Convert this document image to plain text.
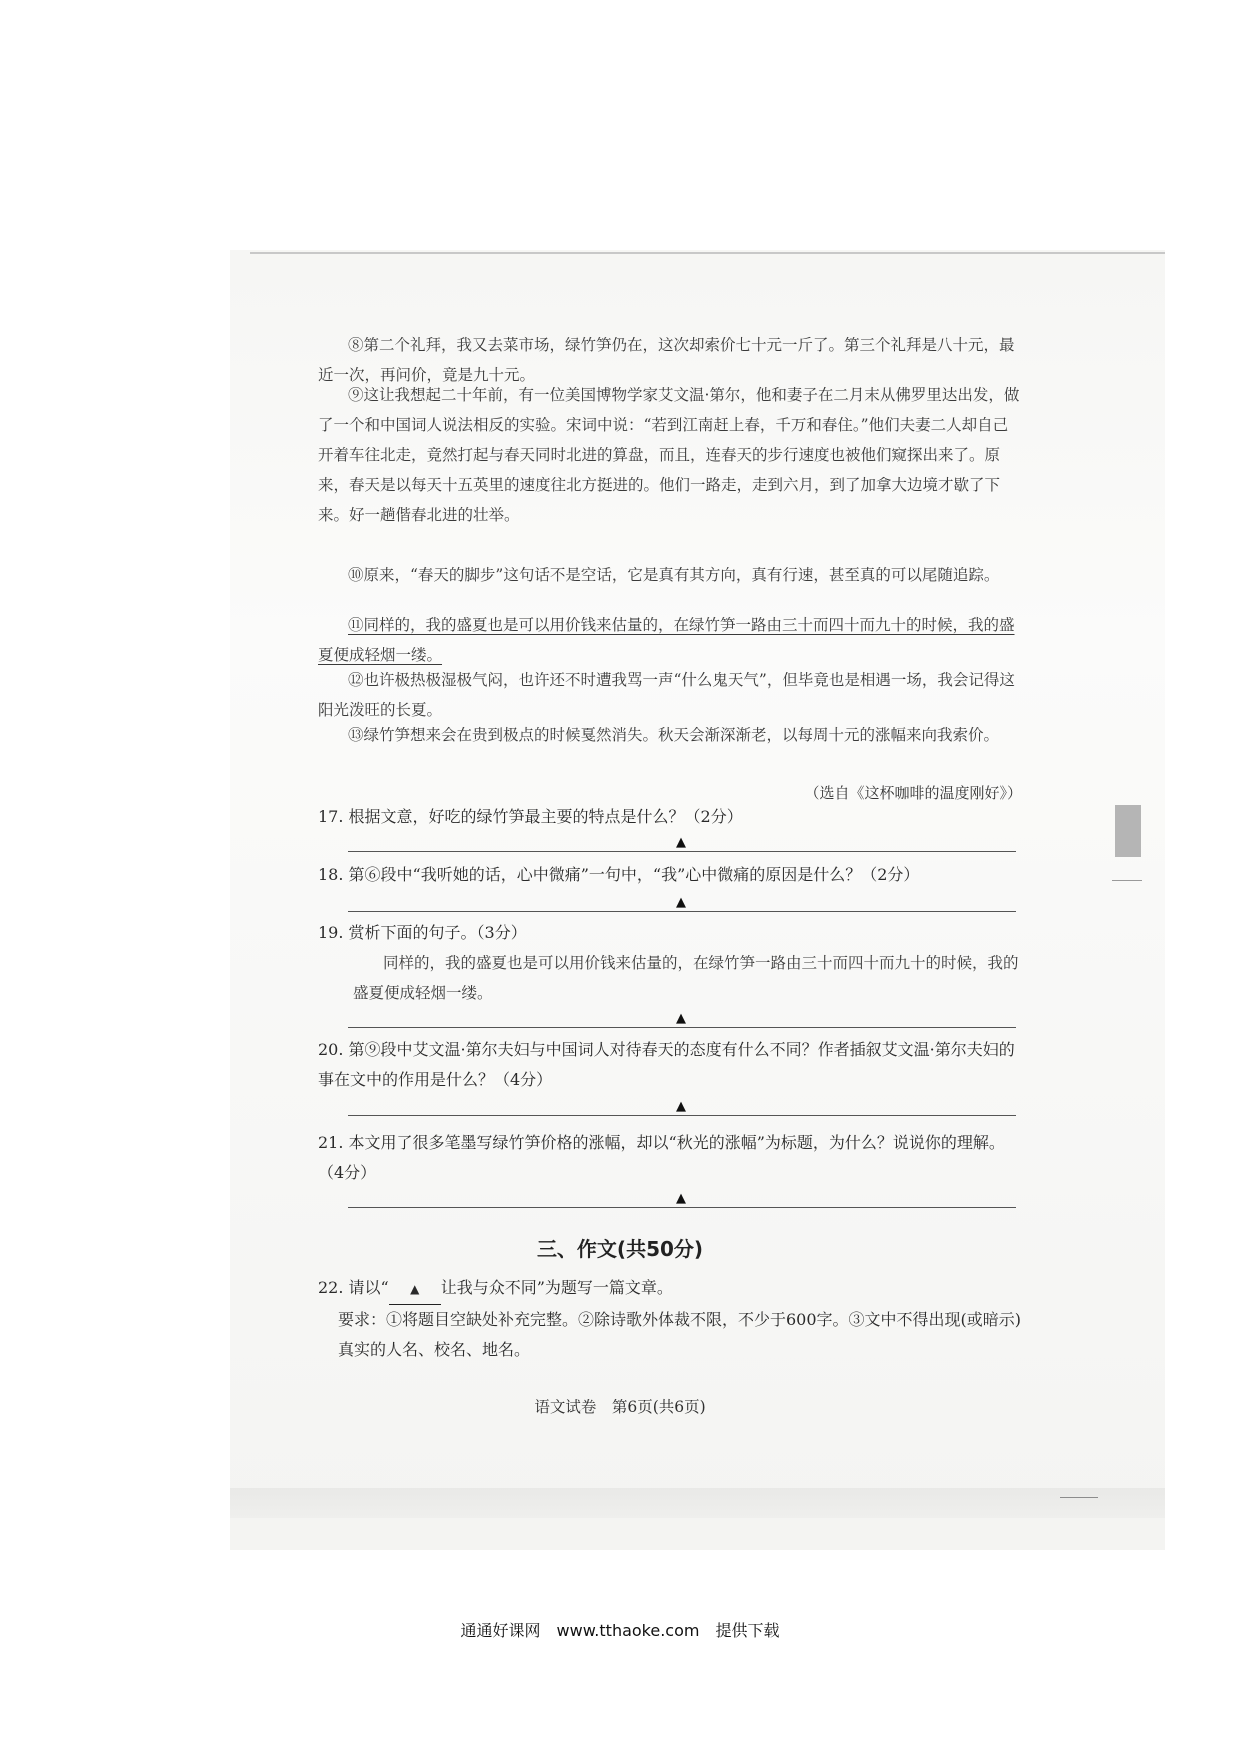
⑧第二个礼拜，我又去菜市场，绿竹笋仍在，这次却索价七十元一斤了。第三个礼拜是八十元，最近一次，再问价，竟是九十元。

⑨这让我想起二十年前，有一位美国博物学家艾文温·第尔，他和妻子在二月末从佛罗里达出发，做了一个和中国词人说法相反的实验。宋词中说：“若到江南赶上春，千万和春住。”他们夫妻二人却自己开着车往北走，竟然打起与春天同时北进的算盘，而且，连春天的步行速度也被他们窥探出来了。原来，春天是以每天十五英里的速度往北方挺进的。他们一路走，走到六月，到了加拿大边境才歇了下来。好一趟偕春北进的壮举。

⑩原来，“春天的脚步”这句话不是空话，它是真有其方向，真有行速，甚至真的可以尾随追踪。

⑪同样的，我的盛夏也是可以用价钱来估量的，在绿竹笋一路由三十而四十而九十的时候，我的盛夏便成轻烟一缕。

⑫也许极热极湿极气闷，也许还不时遭我骂一声“什么鬼天气”，但毕竟也是相遇一场，我会记得这阳光泼旺的长夏。

⑬绿竹笋想来会在贵到极点的时候戛然消失。秋天会渐深渐老，以每周十元的涨幅来向我索价。

（选自《这杯咖啡的温度刚好》）

17. 根据文意，好吃的绿竹笋最主要的特点是什么？（2分）

▲

18. 第⑥段中“我听她的话，心中微痛”一句中，“我”心中微痛的原因是什么？（2分）

▲

19. 赏析下面的句子。（3分）

同样的，我的盛夏也是可以用价钱来估量的，在绿竹笋一路由三十而四十而九十的时候，我的盛夏便成轻烟一缕。

▲

20. 第⑨段中艾文温·第尔夫妇与中国词人对待春天的态度有什么不同？作者插叙艾文温·第尔夫妇的事在文中的作用是什么？（4分）

▲

21. 本文用了很多笔墨写绿竹笋价格的涨幅，却以“秋光的涨幅”为标题，为什么？说说你的理解。（4分）

▲
三、作文(共50分)

22. 请以“ ▲ 让我与众不同”为题写一篇文章。

要求：①将题目空缺处补充完整。②除诗歌外体裁不限，不少于600字。③文中不得出现(或暗示)真实的人名、校名、地名。

语文试卷　第6页(共6页)
通通好课网　www.tthaoke.com　提供下载
